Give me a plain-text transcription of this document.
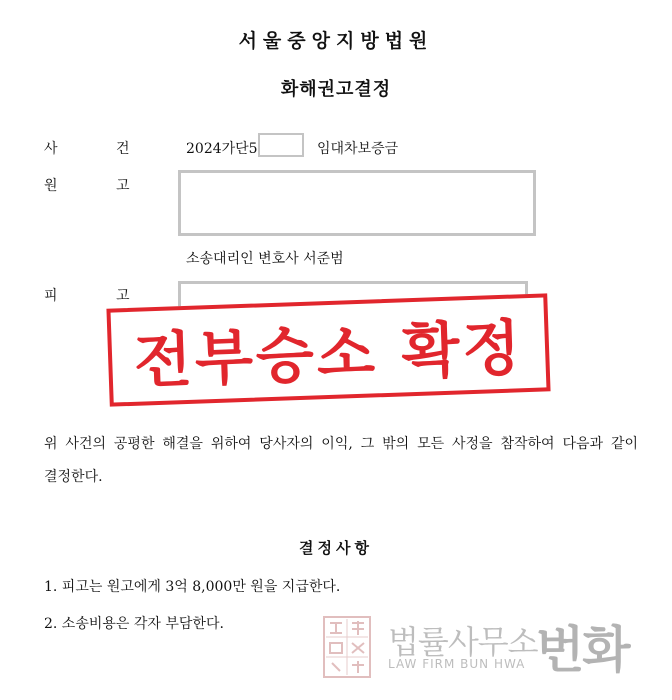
서울중앙지방법원
화해권고결정
사	건	2024가단5	임대차보증금
원	고
소송대리인 변호사 서준범
피	고
전부승소 확정
위 사건의 공평한 해결을 위하여 당사자의 이익, 그 밖의 모든 사정을 참작하여 다음과 같이 결정한다.
결정사항
1. 피고는 원고에게 3억 8,000만 원을 지급한다.
2. 소송비용은 각자 부담한다.	법률사무소
LAW FIRM BUN HWA 번화
